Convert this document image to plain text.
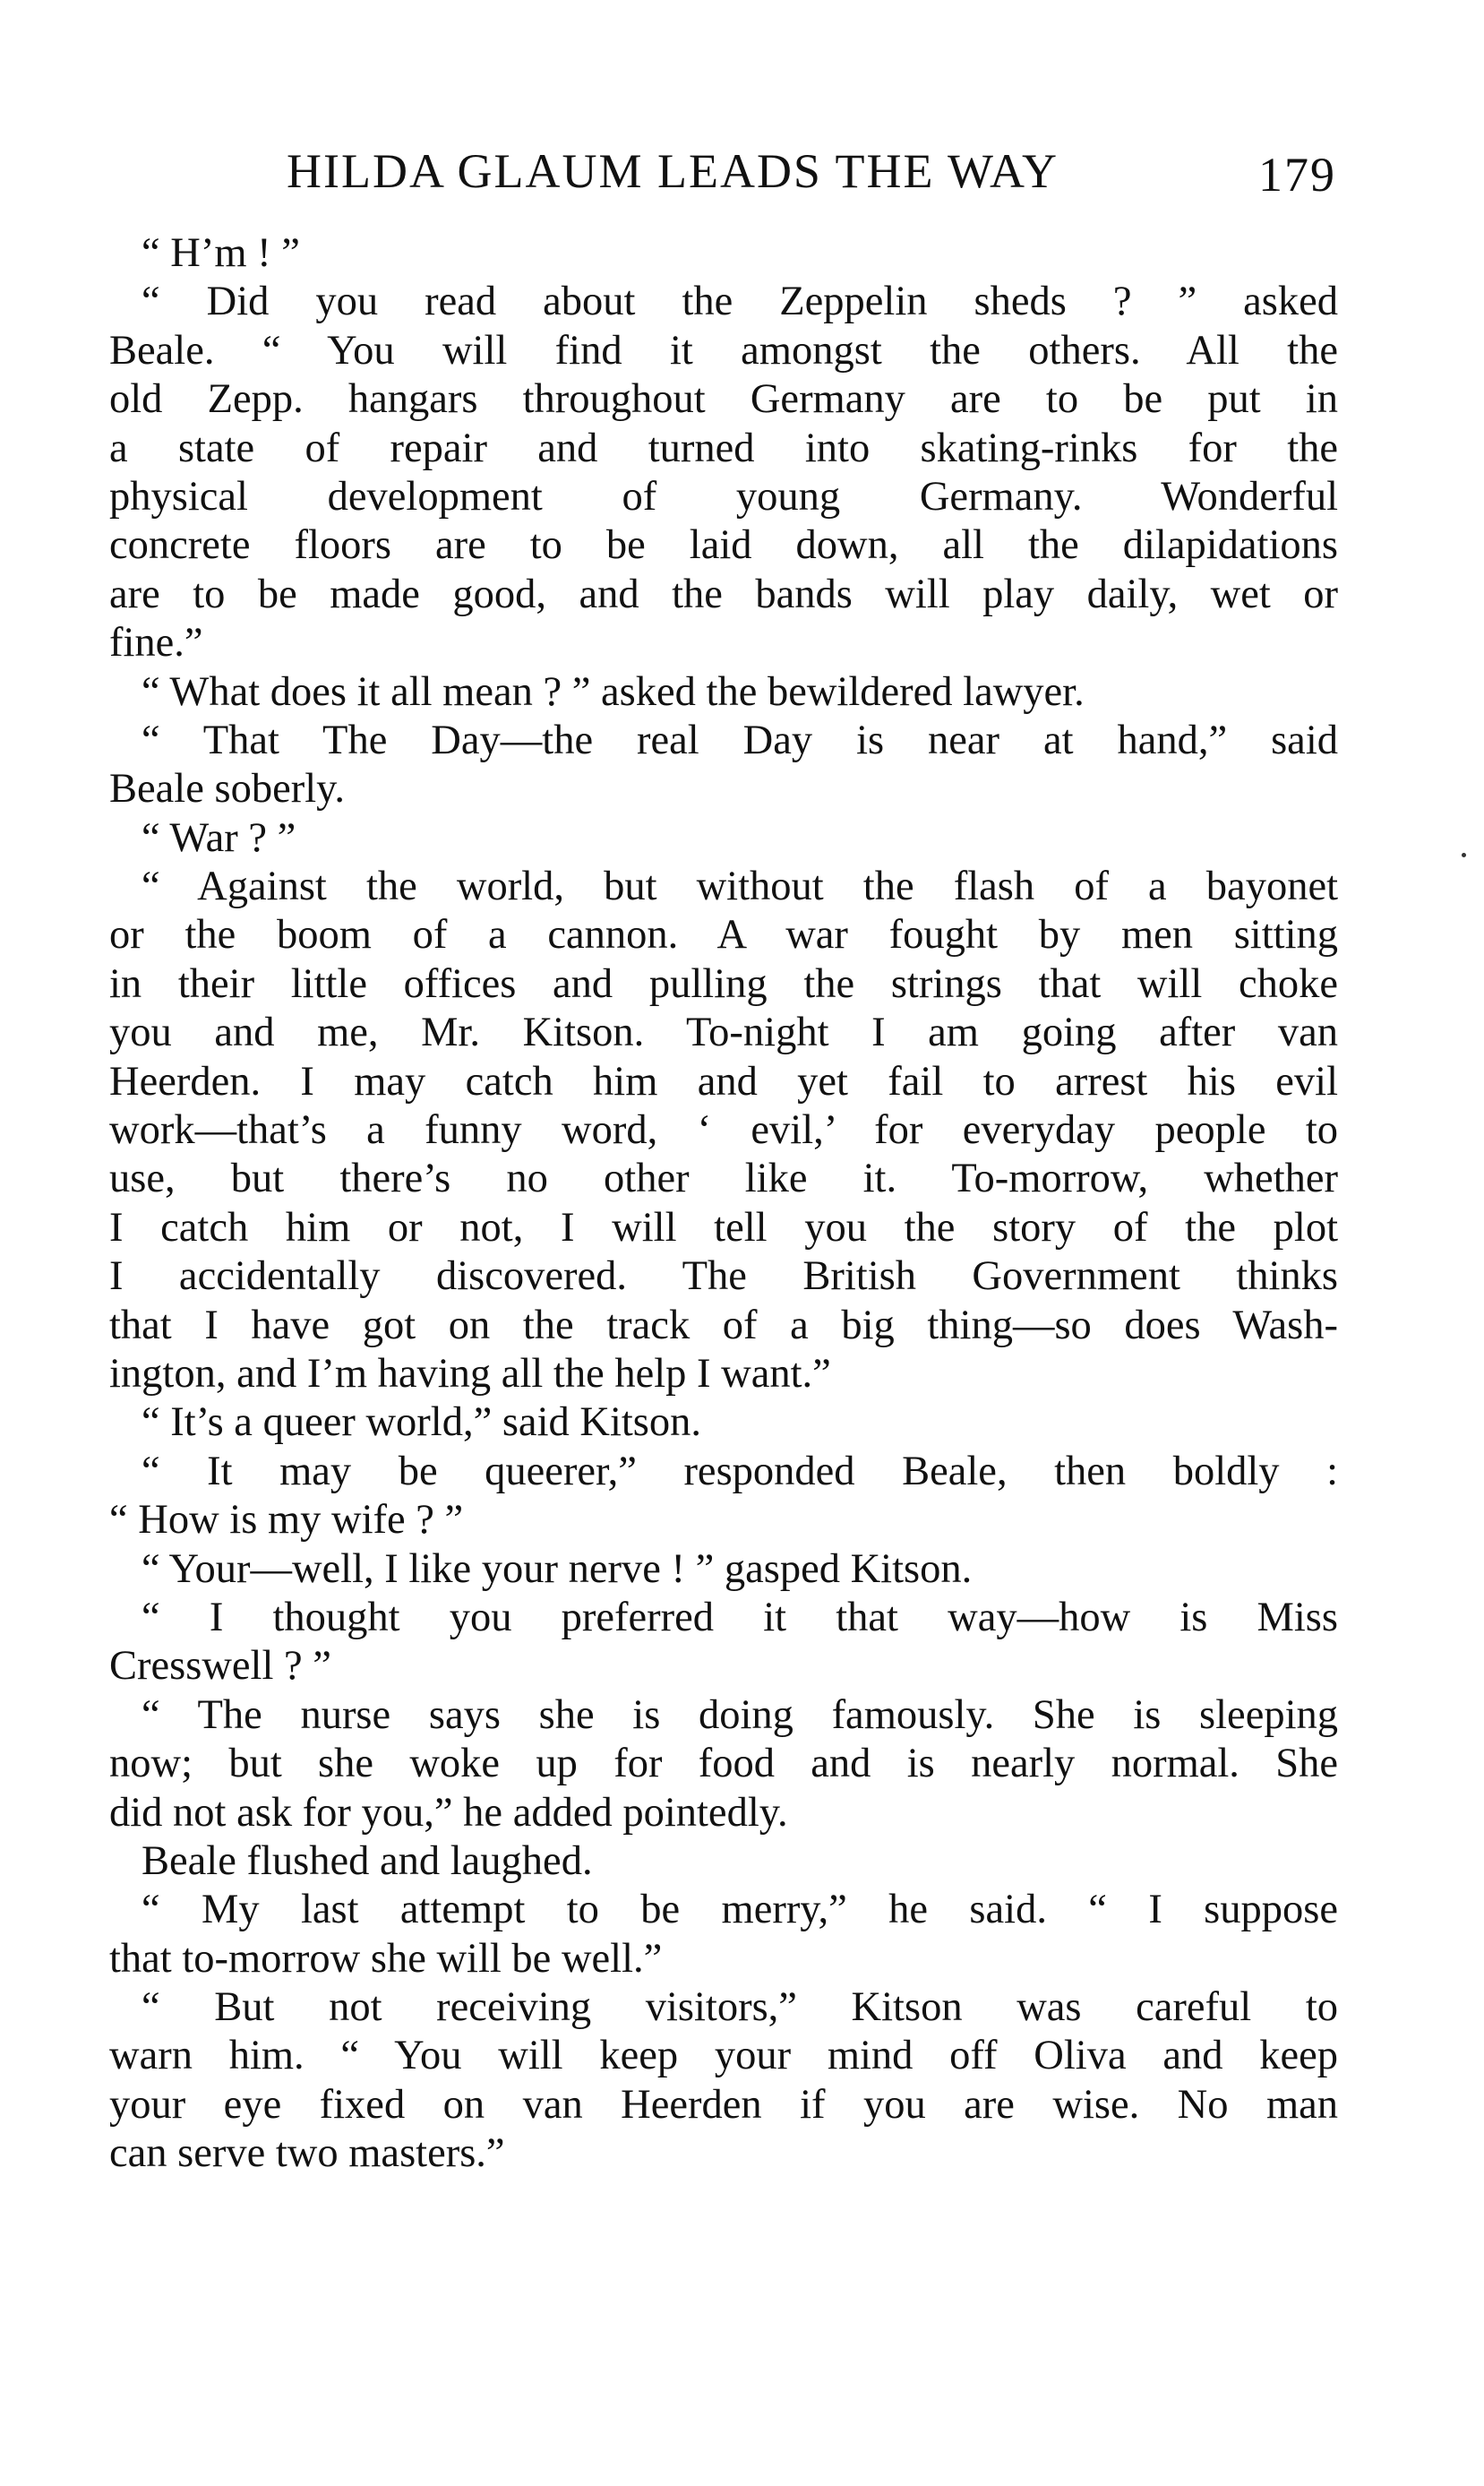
HILDA GLAUM LEADS THE WAY	179
“ H’m ! ”
“ Did you read about the Zeppelin sheds ? ” asked
Beale. “ You will find it amongst the others. All the
old Zepp. hangars throughout Germany are to be put in
a state of repair and turned into skating-rinks for the
physical development of young Germany. Wonderful
concrete floors are to be laid down, all the dilapidations
are to be made good, and the bands will play daily, wet or
fine.”
“ What does it all mean ? ” asked the bewildered lawyer.
“ That The Day—the real Day is near at hand,” said
Beale soberly.
“ War ? ”
“ Against the world, but without the flash of a bayonet
or the boom of a cannon. A war fought by men sitting
in their little offices and pulling the strings that will choke
you and me, Mr. Kitson. To-night I am going after van
Heerden. I may catch him and yet fail to arrest his evil
work—that’s a funny word, ‘ evil,’ for everyday people to
use, but there’s no other like it. To-morrow, whether
I catch him or not, I will tell you the story of the plot
I accidentally discovered. The British Government thinks
that I have got on the track of a big thing—so does Wash-
ington, and I’m having all the help I want.”
“ It’s a queer world,” said Kitson.
“ It may be queerer,” responded Beale, then boldly :
“ How is my wife ? ”
“ Your—well, I like your nerve ! ” gasped Kitson.
“ I thought you preferred it that way—how is Miss
Cresswell ? ”
“ The nurse says she is doing famously. She is sleeping
now; but she woke up for food and is nearly normal. She
did not ask for you,” he added pointedly.
Beale flushed and laughed.
“ My last attempt to be merry,” he said. “ I suppose
that to-morrow she will be well.”
“ But not receiving visitors,” Kitson was careful to
warn him. “ You will keep your mind off Oliva and keep
your eye fixed on van Heerden if you are wise. No man
can serve two masters.”
